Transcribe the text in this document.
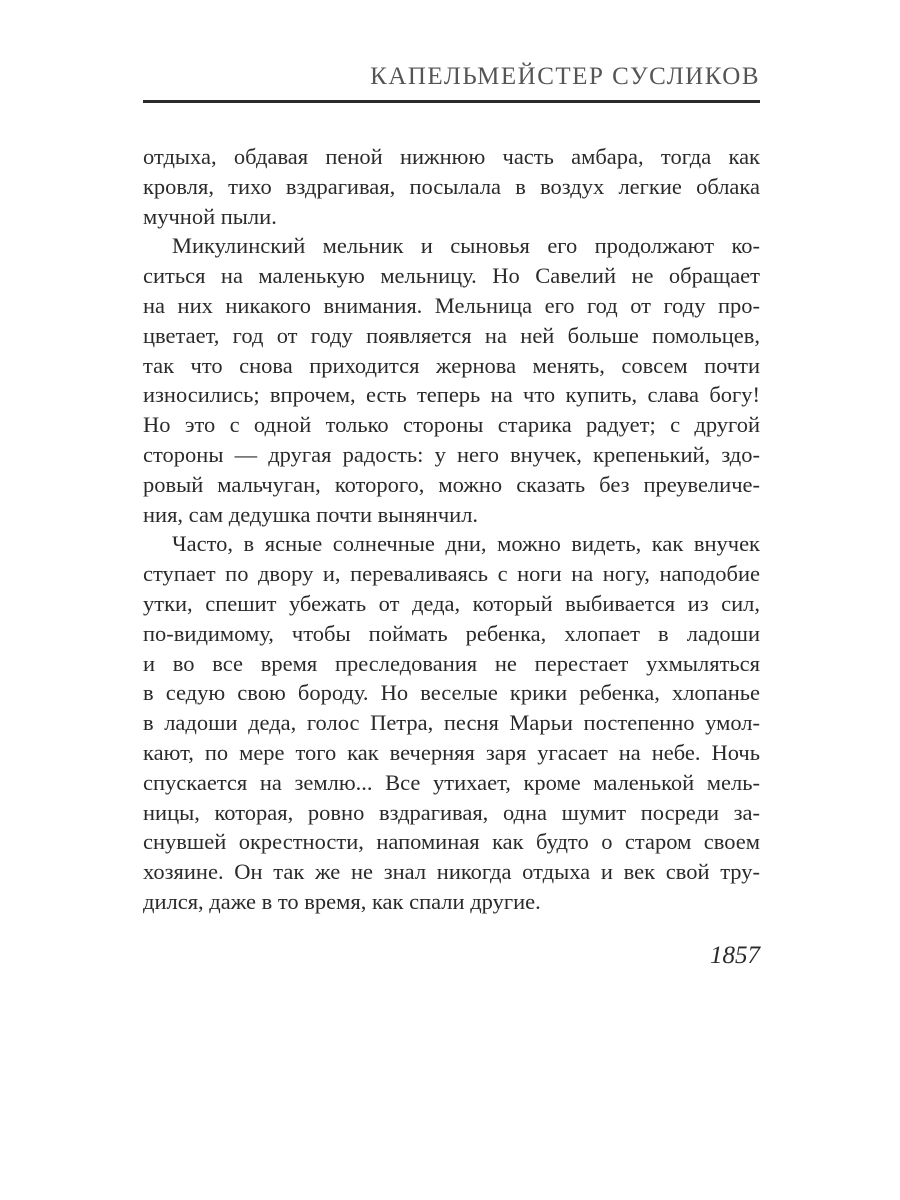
КАПЕЛЬМЕЙСТЕР СУСЛИКОВ
отдыха, обдавая пеной нижнюю часть амбара, тогда как
кровля, тихо вздрагивая, посылала в воздух легкие облака
мучной пыли.
Микулинский мельник и сыновья его продолжают ко-
ситься на маленькую мельницу. Но Савелий не обращает
на них никакого внимания. Мельница его год от году про-
цветает, год от году появляется на ней больше помольцев,
так что снова приходится жернова менять, совсем почти
износились; впрочем, есть теперь на что купить, слава богу!
Но это с одной только стороны старика радует; с другой
стороны — другая радость: у него внучек, крепенький, здо-
ровый мальчуган, которого, можно сказать без преувеличе-
ния, сам дедушка почти вынянчил.
Часто, в ясные солнечные дни, можно видеть, как внучек
ступает по двору и, переваливаясь с ноги на ногу, наподобие
утки, спешит убежать от деда, который выбивается из сил,
по-видимому, чтобы поймать ребенка, хлопает в ладоши
и во все время преследования не перестает ухмыляться
в седую свою бороду. Но веселые крики ребенка, хлопанье
в ладоши деда, голос Петра, песня Марьи постепенно умол-
кают, по мере того как вечерняя заря угасает на небе. Ночь
спускается на землю... Все утихает, кроме маленькой мель-
ницы, которая, ровно вздрагивая, одна шумит посреди за-
снувшей окрестности, напоминая как будто о старом своем
хозяине. Он так же не знал никогда отдыха и век свой тру-
дился, даже в то время, как спали другие.
1857
